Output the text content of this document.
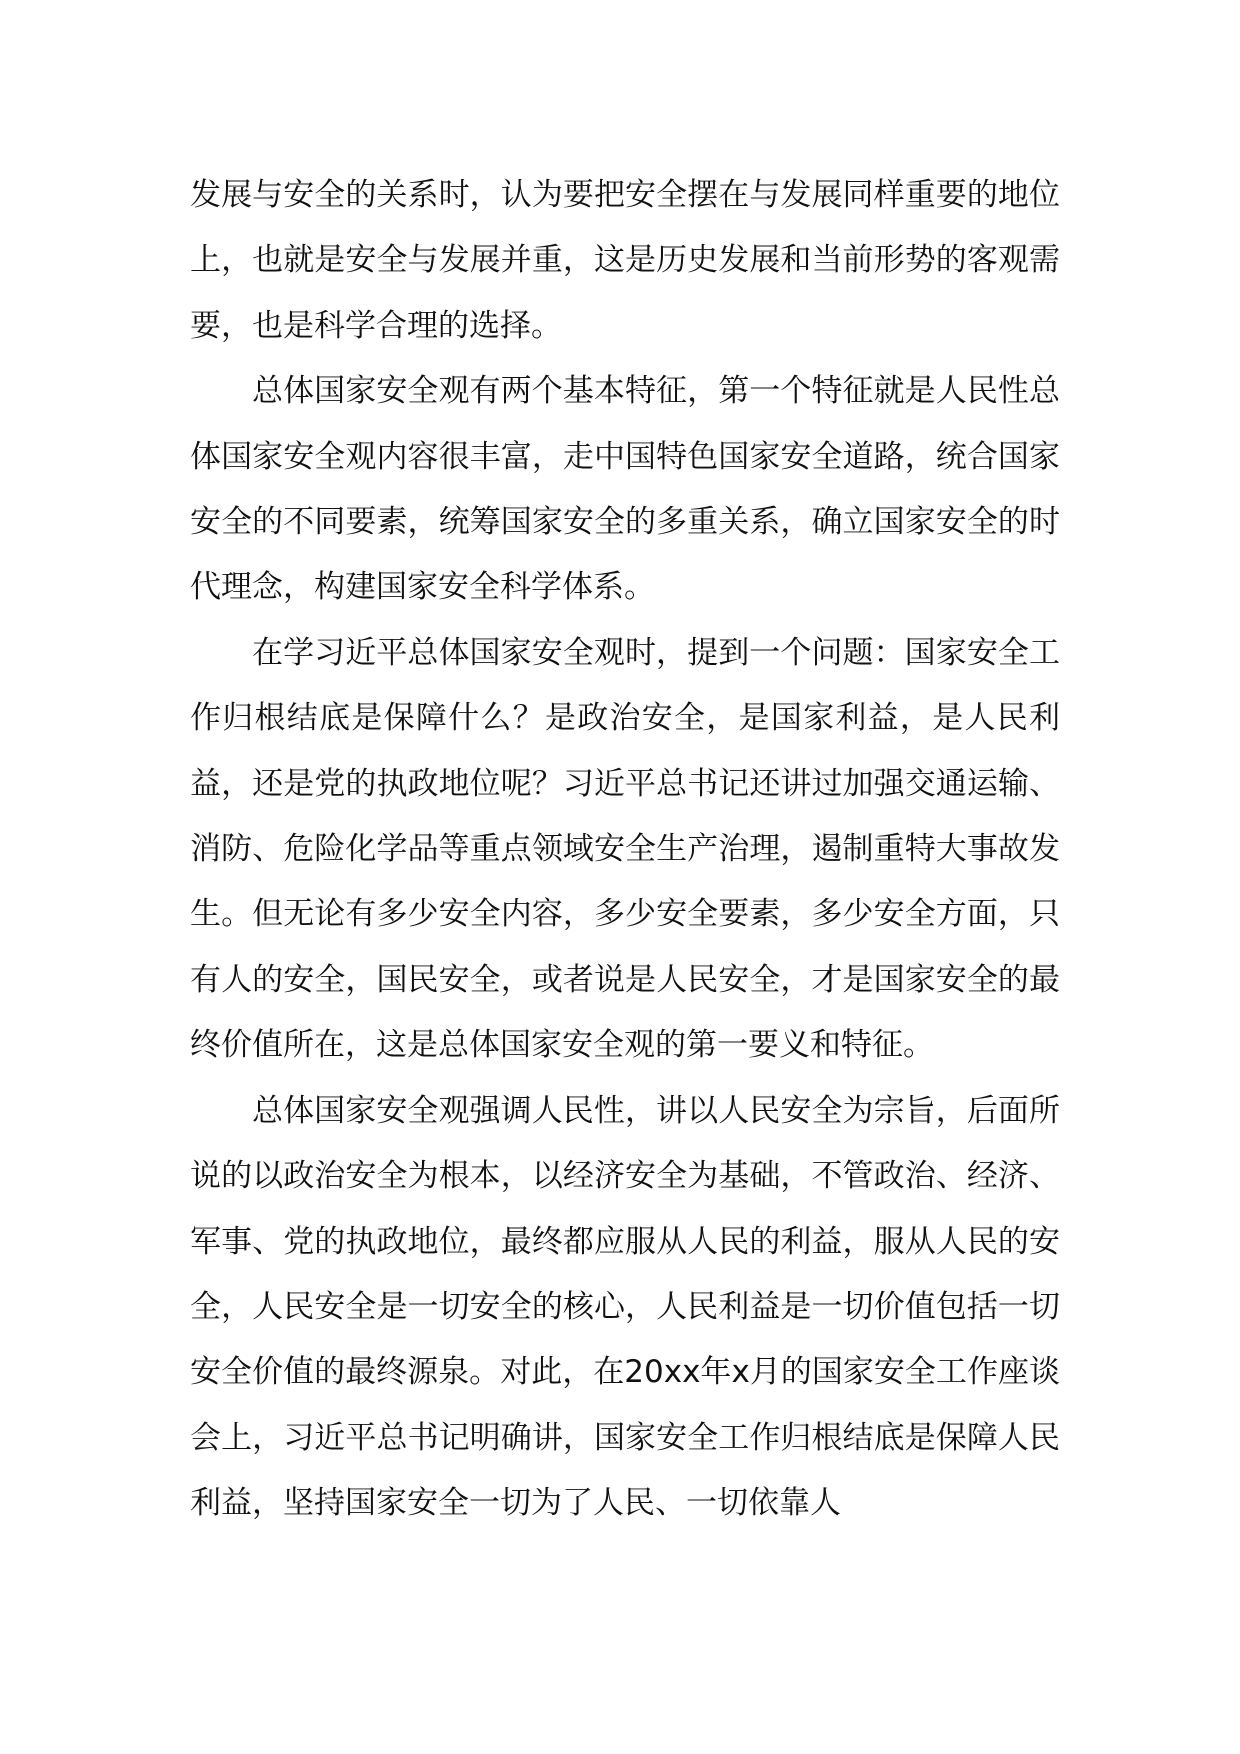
发展与安全的关系时，认为要把安全摆在与发展同样重要的地位上，也就是安全与发展并重，这是历史发展和当前形势的客观需要，也是科学合理的选择。

总体国家安全观有两个基本特征，第一个特征就是人民性总体国家安全观内容很丰富，走中国特色国家安全道路，统合国家安全的不同要素，统筹国家安全的多重关系，确立国家安全的时代理念，构建国家安全科学体系。

在学习近平总体国家安全观时，提到一个问题：国家安全工作归根结底是保障什么？是政治安全，是国家利益，是人民利益，还是党的执政地位呢？习近平总书记还讲过加强交通运输、消防、危险化学品等重点领域安全生产治理，遏制重特大事故发生。但无论有多少安全内容，多少安全要素，多少安全方面，只有人的安全，国民安全，或者说是人民安全，才是国家安全的最终价值所在，这是总体国家安全观的第一要义和特征。

总体国家安全观强调人民性，讲以人民安全为宗旨，后面所说的以政治安全为根本，以经济安全为基础，不管政治、经济、军事、党的执政地位，最终都应服从人民的利益，服从人民的安全，人民安全是一切安全的核心，人民利益是一切价值包括一切安全价值的最终源泉。对此，在20xx年x月的国家安全工作座谈会上，习近平总书记明确讲，国家安全工作归根结底是保障人民利益，坚持国家安全一切为了人民、一切依靠人
